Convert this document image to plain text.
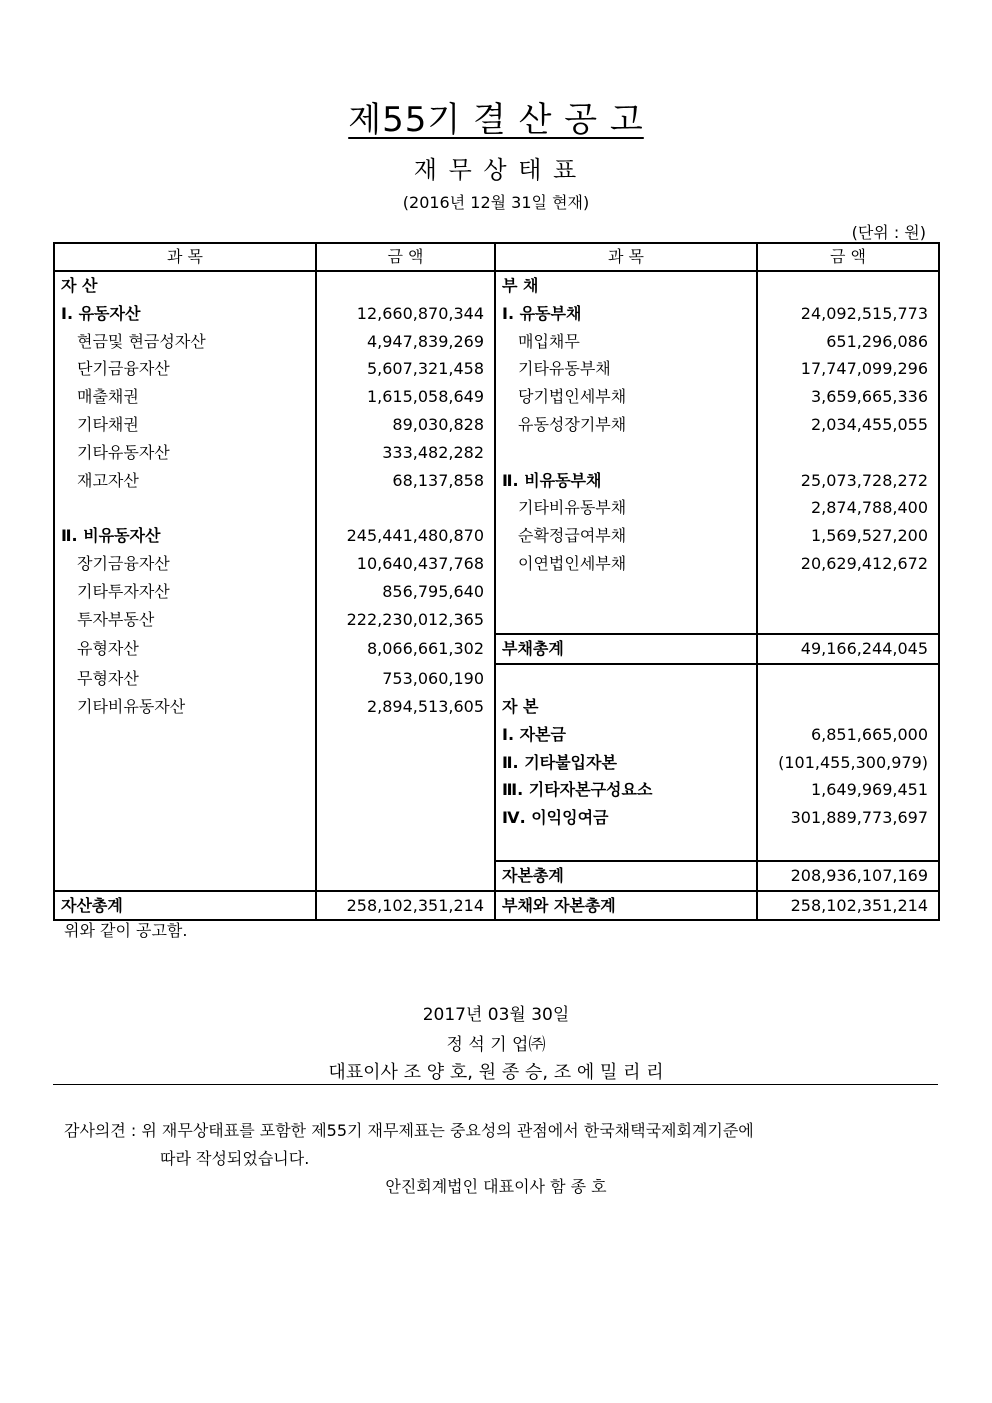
제55기 결 산 공 고
재 무 상 태 표
(2016년 12월 31일 현재)
(단위 : 원)
과 목	금 액	과 목	금 액
자 산		부 채	
Ⅰ. 유동자산	12,660,870,344	Ⅰ. 유동부채	24,092,515,773
현금및 현금성자산	4,947,839,269	매입채무	651,296,086
단기금융자산	5,607,321,458	기타유동부채	17,747,099,296
매출채권	1,615,058,649	당기법인세부채	3,659,665,336
기타채권	89,030,828	유동성장기부채	2,034,455,055
기타유동자산	333,482,282		
재고자산	68,137,858	Ⅱ. 비유동부채	25,073,728,272
		기타비유동부채	2,874,788,400
Ⅱ. 비유동자산	245,441,480,870	순확정급여부채	1,569,527,200
장기금융자산	10,640,437,768	이연법인세부채	20,629,412,672
기타투자자산	856,795,640		
투자부동산	222,230,012,365		
유형자산	8,066,661,302	부채총계	49,166,244,045
무형자산	753,060,190		
기타비유동자산	2,894,513,605	자 본	
		Ⅰ. 자본금	6,851,665,000
		Ⅱ. 기타불입자본	(101,455,300,979)
		Ⅲ. 기타자본구성요소	1,649,969,451
		Ⅳ. 이익잉여금	301,889,773,697

		자본총계	208,936,107,169
자산총계	258,102,351,214	부채와 자본총계	258,102,351,214
위와 같이 공고함.
2017년 03월 30일
정 석 기 업㈜
대표이사 조 양 호, 원 종 승, 조 에 밀 리 리
감사의견 : 위 재무상태표를 포함한 제55기 재무제표는 중요성의 관점에서 한국채택국제회계기준에
따라 작성되었습니다.
안진회계법인 대표이사 함 종 호
